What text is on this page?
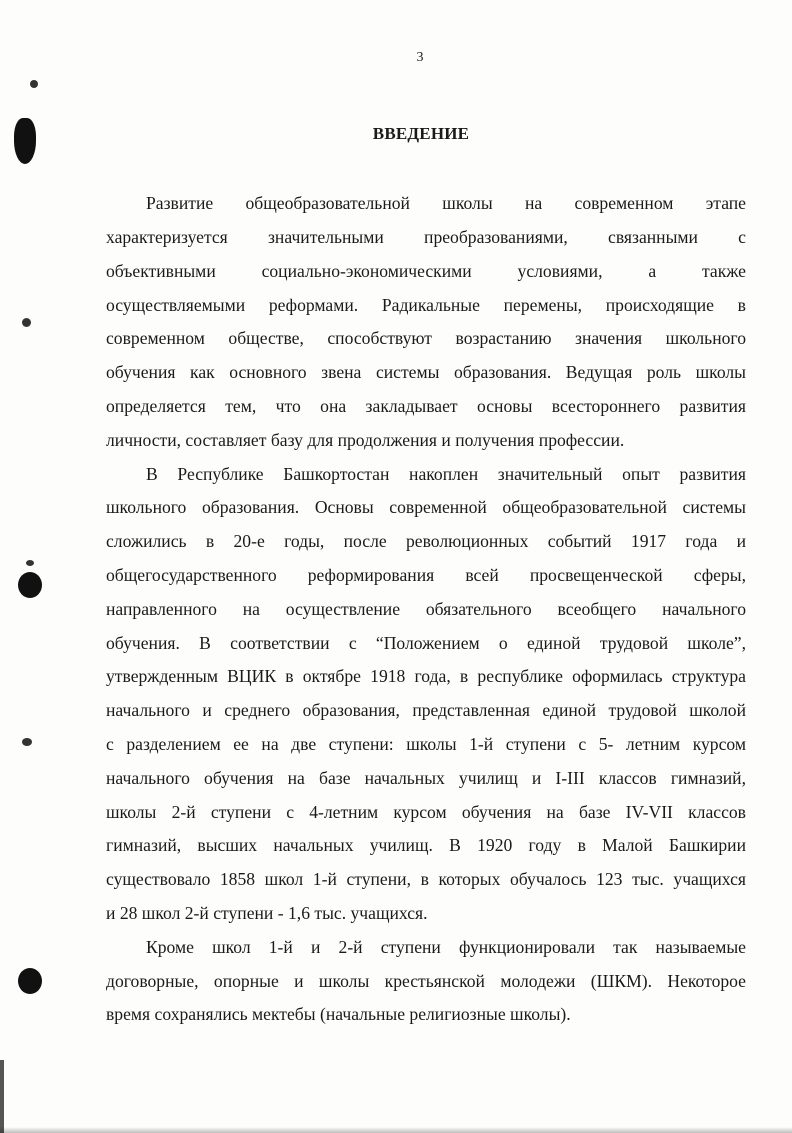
3
ВВЕДЕНИЕ
Развитие общеобразовательной школы на современном этапе
характеризуется значительными преобразованиями, связанными с
объективными социально-экономическими условиями, а также
осуществляемыми реформами. Радикальные перемены, происходящие в
современном обществе, способствуют возрастанию значения школьного
обучения как основного звена системы образования. Ведущая роль школы
определяется тем, что она закладывает основы всестороннего развития
личности, составляет базу для продолжения и получения профессии.
В Республике Башкортостан накоплен значительный опыт развития
школьного образования. Основы современной общеобразовательной системы
сложились в 20-е годы, после революционных событий 1917 года и
общегосударственного реформирования всей просвещенческой сферы,
направленного на осуществление обязательного всеобщего начального
обучения. В соответствии с “Положением о единой трудовой школе”,
утвержденным ВЦИК в октябре 1918 года, в республике оформилась структура
начального и среднего образования, представленная единой трудовой школой
с разделением ее на две ступени: школы 1-й ступени с 5- летним курсом
начального обучения на базе начальных училищ и I-III классов гимназий,
школы 2-й ступени с 4-летним курсом обучения на базе IV-VII классов
гимназий, высших начальных училищ. В 1920 году в Малой Башкирии
существовало 1858 школ 1-й ступени, в которых обучалось 123 тыс. учащихся
и 28 школ 2-й ступени - 1,6 тыс. учащихся.
Кроме школ 1-й и 2-й ступени функционировали так называемые
договорные, опорные и школы крестьянской молодежи (ШКМ). Некоторое
время сохранялись мектебы (начальные религиозные школы).
